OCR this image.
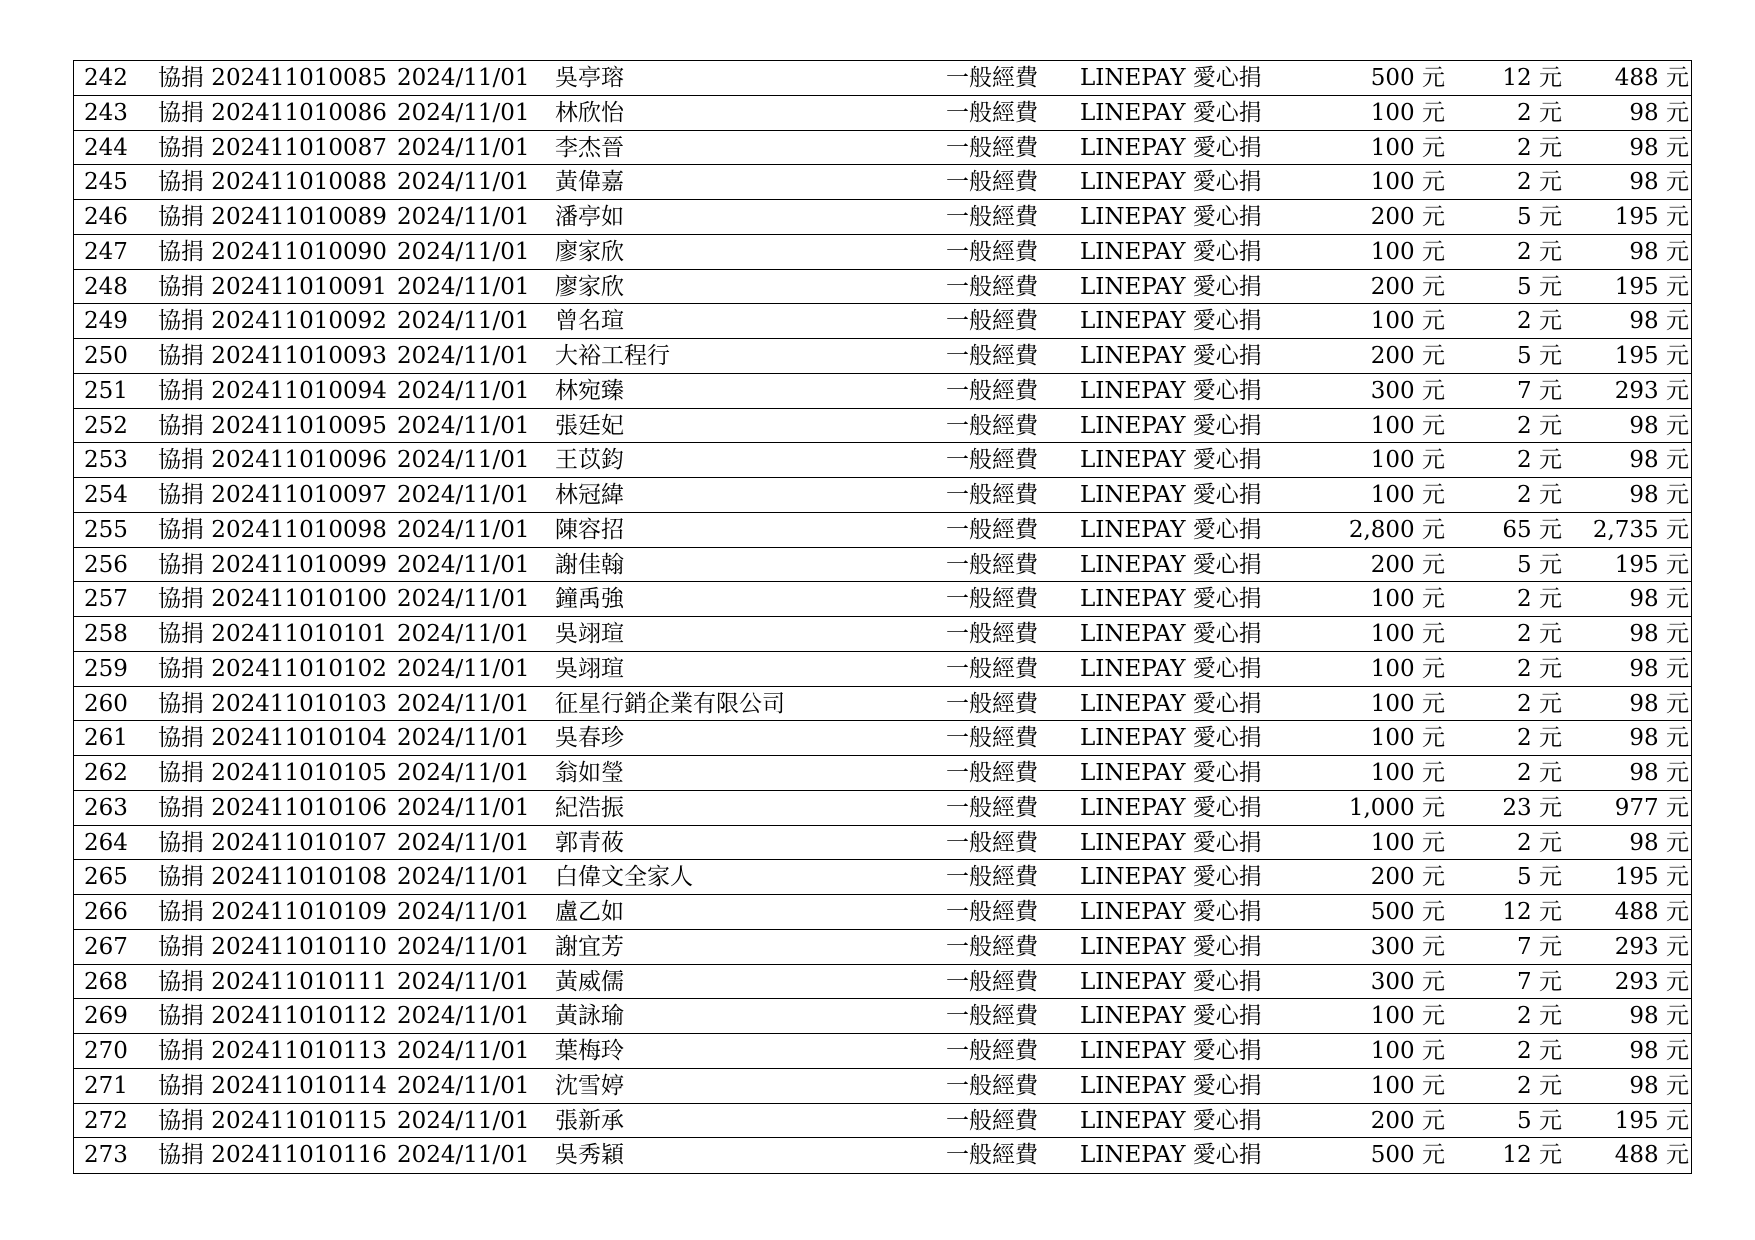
242	協捐 202411010085 2024/11/01	吳亭瑢	一般經費	LINEPAY 愛心捐	500 元	12 元	488 元
243	協捐 202411010086 2024/11/01	林欣怡	一般經費	LINEPAY 愛心捐	100 元	2 元	98 元
244	協捐 202411010087 2024/11/01	李杰晉	一般經費	LINEPAY 愛心捐	100 元	2 元	98 元
245	協捐 202411010088 2024/11/01	黃偉嘉	一般經費	LINEPAY 愛心捐	100 元	2 元	98 元
246	協捐 202411010089 2024/11/01	潘亭如	一般經費	LINEPAY 愛心捐	200 元	5 元	195 元
247	協捐 202411010090 2024/11/01	廖家欣	一般經費	LINEPAY 愛心捐	100 元	2 元	98 元
248	協捐 202411010091 2024/11/01	廖家欣	一般經費	LINEPAY 愛心捐	200 元	5 元	195 元
249	協捐 202411010092 2024/11/01	曾名瑄	一般經費	LINEPAY 愛心捐	100 元	2 元	98 元
250	協捐 202411010093 2024/11/01	大裕工程行	一般經費	LINEPAY 愛心捐	200 元	5 元	195 元
251	協捐 202411010094 2024/11/01	林宛臻	一般經費	LINEPAY 愛心捐	300 元	7 元	293 元
252	協捐 202411010095 2024/11/01	張廷妃	一般經費	LINEPAY 愛心捐	100 元	2 元	98 元
253	協捐 202411010096 2024/11/01	王苡鈞	一般經費	LINEPAY 愛心捐	100 元	2 元	98 元
254	協捐 202411010097 2024/11/01	林冠緯	一般經費	LINEPAY 愛心捐	100 元	2 元	98 元
255	協捐 202411010098 2024/11/01	陳容招	一般經費	LINEPAY 愛心捐	2,800 元	65 元	2,735 元
256	協捐 202411010099 2024/11/01	謝佳翰	一般經費	LINEPAY 愛心捐	200 元	5 元	195 元
257	協捐 202411010100 2024/11/01	鐘禹強	一般經費	LINEPAY 愛心捐	100 元	2 元	98 元
258	協捐 202411010101 2024/11/01	吳翊瑄	一般經費	LINEPAY 愛心捐	100 元	2 元	98 元
259	協捐 202411010102 2024/11/01	吳翊瑄	一般經費	LINEPAY 愛心捐	100 元	2 元	98 元
260	協捐 202411010103 2024/11/01	征星行銷企業有限公司	一般經費	LINEPAY 愛心捐	100 元	2 元	98 元
261	協捐 202411010104 2024/11/01	吳春珍	一般經費	LINEPAY 愛心捐	100 元	2 元	98 元
262	協捐 202411010105 2024/11/01	翁如瑩	一般經費	LINEPAY 愛心捐	100 元	2 元	98 元
263	協捐 202411010106 2024/11/01	紀浩振	一般經費	LINEPAY 愛心捐	1,000 元	23 元	977 元
264	協捐 202411010107 2024/11/01	郭青莜	一般經費	LINEPAY 愛心捐	100 元	2 元	98 元
265	協捐 202411010108 2024/11/01	白偉文全家人	一般經費	LINEPAY 愛心捐	200 元	5 元	195 元
266	協捐 202411010109 2024/11/01	盧乙如	一般經費	LINEPAY 愛心捐	500 元	12 元	488 元
267	協捐 202411010110 2024/11/01	謝宜芳	一般經費	LINEPAY 愛心捐	300 元	7 元	293 元
268	協捐 202411010111 2024/11/01	黃威儒	一般經費	LINEPAY 愛心捐	300 元	7 元	293 元
269	協捐 202411010112 2024/11/01	黃詠瑜	一般經費	LINEPAY 愛心捐	100 元	2 元	98 元
270	協捐 202411010113 2024/11/01	葉梅玲	一般經費	LINEPAY 愛心捐	100 元	2 元	98 元
271	協捐 202411010114 2024/11/01	沈雪婷	一般經費	LINEPAY 愛心捐	100 元	2 元	98 元
272	協捐 202411010115 2024/11/01	張新承	一般經費	LINEPAY 愛心捐	200 元	5 元	195 元
273	協捐 202411010116 2024/11/01	吳秀穎	一般經費	LINEPAY 愛心捐	500 元	12 元	488 元
